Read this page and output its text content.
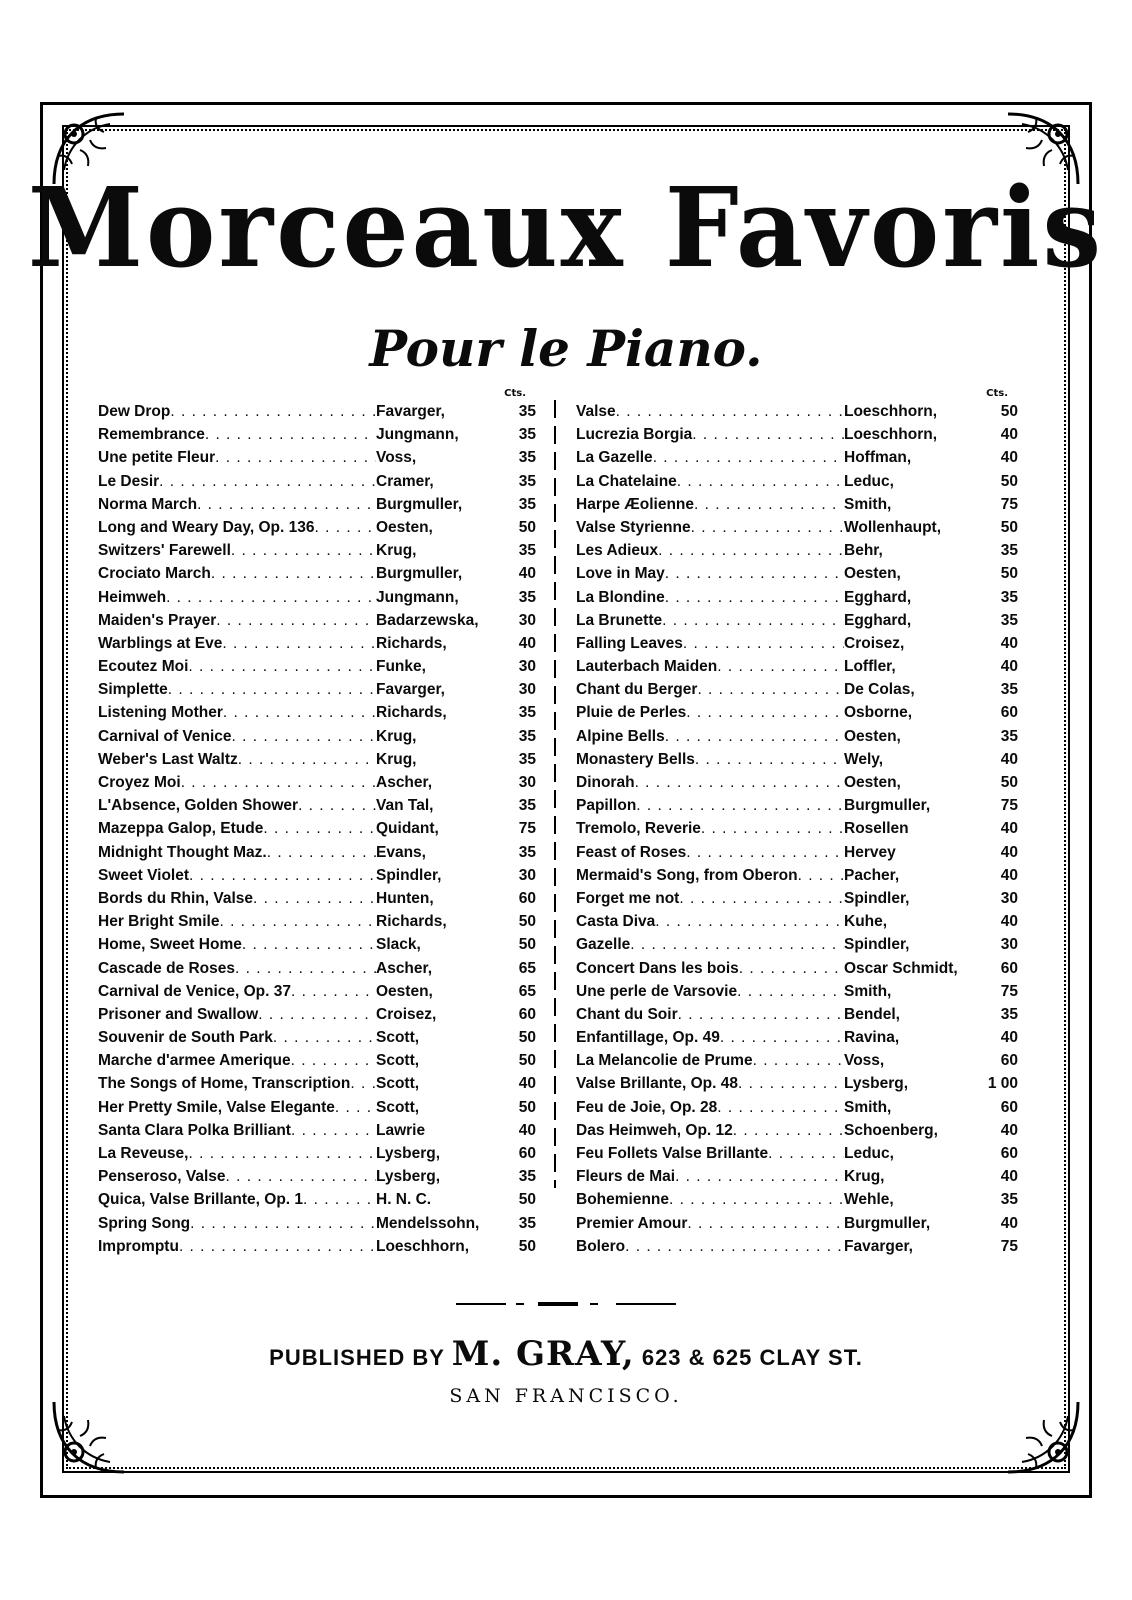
Morceaux Favoris
Pour le Piano.
Cts.
Dew Drop . . .	Favarger,	35
Remembrance . . .	Jungmann,	35
Une petite Fleur . . .	Voss,	35
Le Desir . . .	Cramer,	35
Norma March . . .	Burgmuller,	35
Long and Weary Day, Op. 136 . . .	Oesten,	50
Switzers' Farewell . . .	Krug,	35
Crociato March . . .	Burgmuller,	40
Heimweh . . .	Jungmann,	35
Maiden's Prayer . . .	Badarzewska,	30
Warblings at Eve . . .	Richards,	40
Ecoutez Moi . . .	Funke,	30
Simplette . . .	Favarger,	30
Listening Mother . . .	Richards,	35
Carnival of Venice . . .	Krug,	35
Weber's Last Waltz . . .	Krug,	35
Croyez Moi . . .	Ascher,	30
L'Absence, Golden Shower . . .	Van Tal,	35
Mazeppa Galop, Etude . . .	Quidant,	75
Midnight Thought Maz. . . .	Evans,	35
Sweet Violet . . .	Spindler,	30
Bords du Rhin, Valse . . .	Hunten,	60
Her Bright Smile . . .	Richards,	50
Home, Sweet Home . . .	Slack,	50
Cascade de Roses . . .	Ascher,	65
Carnival de Venice, Op. 37 . . .	Oesten,	65
Prisoner and Swallow . . .	Croisez,	60
Souvenir de South Park . . .	Scott,	50
Marche d'armee Amerique . . .	Scott,	50
The Songs of Home, Transcription . . . Scott,	40
Her Pretty Smile, Valse Elegante . . .	Scott,	50
Santa Clara Polka Brilliant . . .	Lawrie	40
La Reveuse, . . .	Lysberg,	60
Penseroso, Valse . . .	Lysberg,	35
Quica, Valse Brillante, Op. 1 . . .	H. N. C.	50
Spring Song . . .	Mendelssohn,	35
Impromptu . . .	Loeschhorn,	50
Cts.
Valse . . .	Loeschhorn,	50
Lucrezia Borgia . . .	Loeschhorn,	40
La Gazelle . . .	Hoffman,	40
La Chatelaine . . .	Leduc,	50
Harpe Æolienne . . .	Smith,	75
Valse Styrienne . . .	Wollenhaupt,	50
Les Adieux . . .	Behr,	35
Love in May . . .	Oesten,	50
La Blondine . . .	Egghard,	35
La Brunette . . .	Egghard,	35
Falling Leaves . . .	Croisez,	40
Lauterbach Maiden . . .	Loffler,	40
Chant du Berger . . .	De Colas,	35
Pluie de Perles . . .	Osborne,	60
Alpine Bells . . .	Oesten,	35
Monastery Bells . . .	Wely,	40
Dinorah . . .	Oesten,	50
Papillon . . .	Burgmuller,	75
Tremolo, Reverie . . .	Rosellen	40
Feast of Roses . . .	Hervey	40
Mermaid's Song, from Oberon . . .	Pacher,	40
Forget me not . . .	Spindler,	30
Casta Diva . . .	Kuhe,	40
Gazelle . . .	Spindler,	30
Concert Dans les bois . . .	Oscar Schmidt,	60
Une perle de Varsovie . . .	Smith,	75
Chant du Soir . . .	Bendel,	35
Enfantillage, Op. 49 . . .	Ravina,	40
La Melancolie de Prume . . .	Voss,	60
Valse Brillante, Op. 48 . . .	Lysberg,	1 00
Feu de Joie, Op. 28 . . .	Smith,	60
Das Heimweh, Op. 12 . . .	Schoenberg,	40
Feu Follets Valse Brillante . . .	Leduc,	60
Fleurs de Mai . . .	Krug,	40
Bohemienne . . .	Wehle,	35
Premier Amour . . .	Burgmuller,	40
Bolero . . .	Favarger,	75
PUBLISHED BY M. GRAY, 623 & 625 CLAY ST.
SAN FRANCISCO.
